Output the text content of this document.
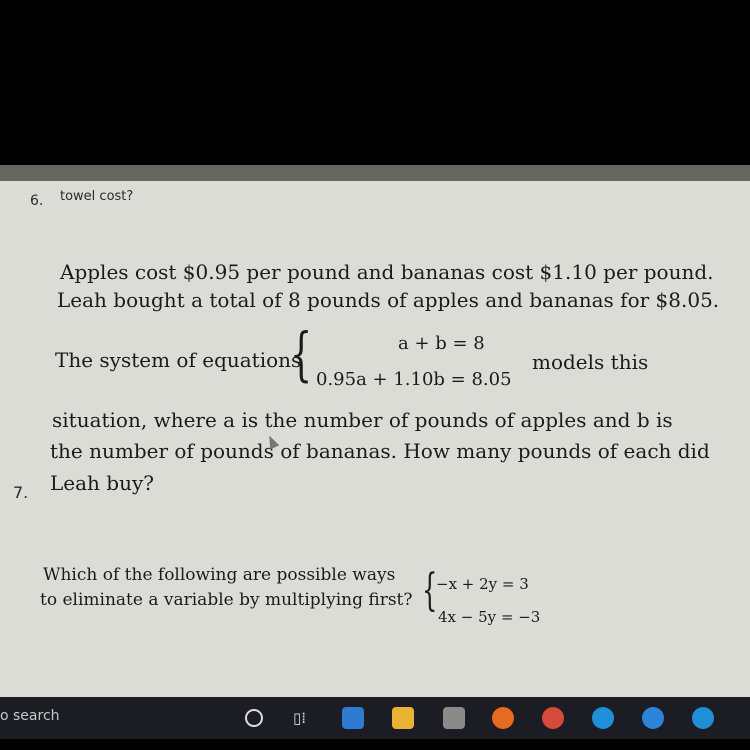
6. towel cost?
Apples cost $0.95 per pound and bananas cost $1.10 per pound.
Leah bought a total of 8 pounds of apples and bananas for $8.05.
The system of equations
{	a + b = 8
0.95a + 1.10b = 8.05
models this
situation, where a is the number of pounds of apples and b is
the number of pounds of bananas. How many pounds of each did
Leah buy?
7.
Which of the following are possible ways
to eliminate a variable by multiplying first? {
−x + 2y = 3
4x − 5y = −3
o search	▯⁞
